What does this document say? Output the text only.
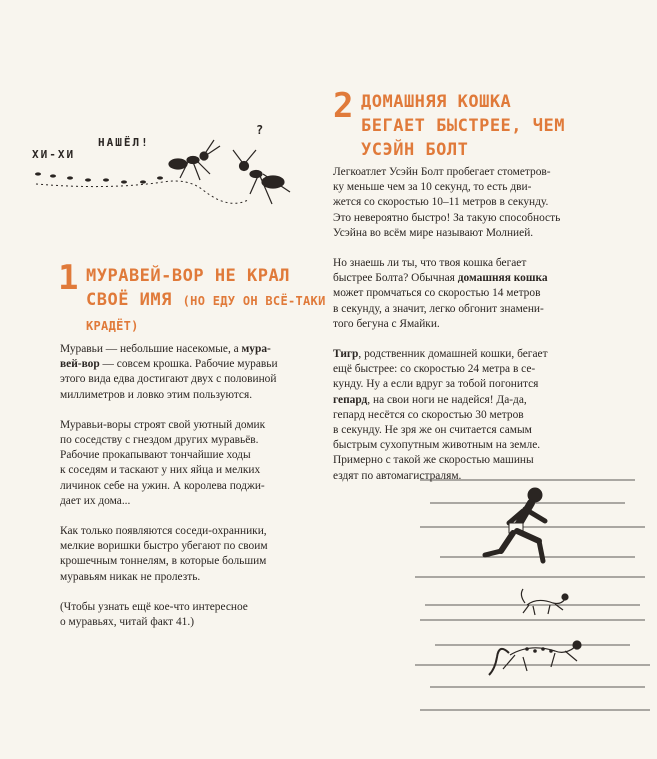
ХИ-ХИ
НАШЁЛ!
?
1 МУРАВЕЙ-ВОР НЕ КРАЛ СВОЁ ИМЯ (НО ЕДУ ОН ВСЁ-ТАКИ
КРАДЁТ)

Муравьи — небольшие насекомые, а мура-
вей-вор — совсем крошка. Рабочие муравьи
этого вида едва достигают двух с половиной
миллиметров и ловко этим пользуются.

Муравьи-воры строят свой уютный домик
по соседству с гнездом других муравьёв.
Рабочие прокапывают тончайшие ходы
к соседям и таскают у них яйца и мелких
личинок себе на ужин. А королева поджи-
дает их дома...

Как только появляются соседи-охранники,
мелкие воришки быстро убегают по своим
крошечным тоннелям, в которые большим
муравьям никак не пролезть.

(Чтобы узнать ещё кое-что интересное
о муравьях, читай факт 41.)

2 ДОМАШНЯЯ КОШКА
БЕГАЕТ БЫСТРЕЕ, ЧЕМ
УСЭЙН БОЛТ

Легкоатлет Усэйн Болт пробегает стометров-
ку меньше чем за 10 секунд, то есть дви-
жется со скоростью 10–11 метров в секунду.
Это невероятно быстро! За такую способность
Усэйна во всём мире называют Молнией.

Но знаешь ли ты, что твоя кошка бегает
быстрее Болта? Обычная домашняя кошка
может промчаться со скоростью 14 метров
в секунду, а значит, легко обгонит знамени-
того бегуна с Ямайки.

Тигр, родственник домашней кошки, бегает
ещё быстрее: со скоростью 24 метра в се-
кунду. Ну а если вдруг за тобой погонится
гепард, на свои ноги не надейся! Да-да,
гепард несётся со скоростью 30 метров
в секунду. Не зря же он считается самым
быстрым сухопутным животным на земле.
Примерно с такой же скоростью машины
ездят по автомагистралям.
